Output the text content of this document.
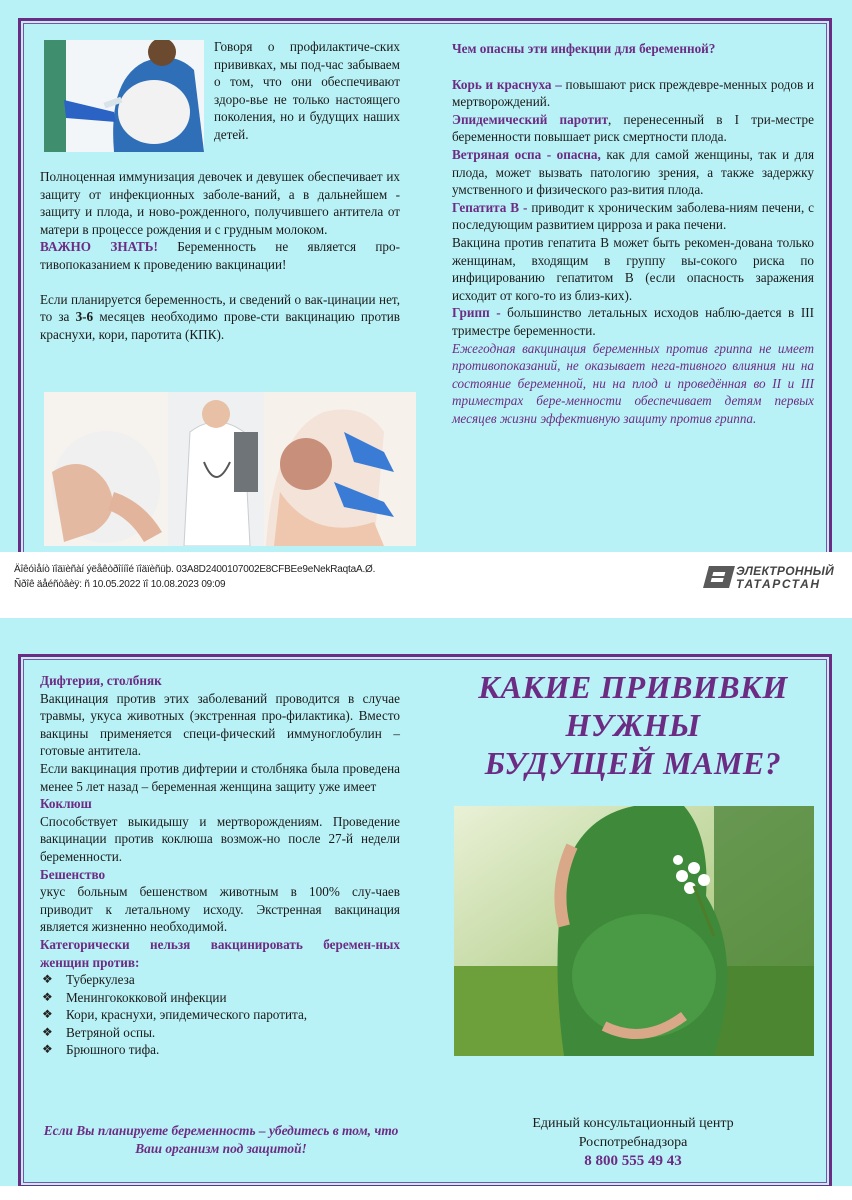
Говоря о профилактиче-ских прививках, мы под-час забываем о том, что они обеспечивают здоро-вье не только настоящего поколения, но и будущих наших детей.

Полноценная иммунизация девочек и девушек обеспечивает их защиту от инфекционных заболе-ваний, а в дальнейшем - защиту и плода, и ново-рожденного, получившего антитела от матери в процессе рождения и с грудным молоком.

ВАЖНО ЗНАТЬ! Беременность не является про-тивопоказанием к проведению вакцинации!

Если планируется беременность, и сведений о вак-цинации нет, то за 3-6 месяцев необходимо прове-сти вакцинацию против краснухи, кори, паротита (КПК).

Чем опасны эти инфекции для беременной?

Корь и краснуха – повышают риск преждевре-менных родов и мертворождений.

Эпидемический паротит, перенесенный в I три-местре беременности повышает риск смертности плода.

Ветряная оспа - опасна, как для самой женщины, так и для плода, может вызвать патологию зрения, а также задержку умственного и физического раз-вития плода.

Гепатита В - приводит к хроническим заболева-ниям печени, с последующим развитием цирроза и рака печени.

Вакцина против гепатита В может быть рекомен-дована только женщинам, входящим в группу вы-сокого риска по инфицированию гепатитом В (если опасность заражения исходит от кого-то из близ-ких).

Грипп - большинство летальных исходов наблю-дается в III триместре беременности.

Ежегодная вакцинация беременных против гриппа не имеет противопоказаний, не оказывает нега-тивного влияния ни на состояние беременной, ни на плод и проведённая во II и III триместрах бере-менности обеспечивает детям первых месяцев жизни эффективную защиту против гриппа.

Äîêóìåíò ïîäïèñàí ýëåêòðîííîé ïîäïèñüþ. 03A8D2400107002E8CFBEe9eNekRaqtaA.Ø.
Ñðîê äåéñòâèÿ: ñ 10.05.2022 ïî 10.08.2023 09:09
ЭЛЕКТРОННЫЙ
ТАТАРСТАН

Дифтерия, столбняк

Вакцинация против этих заболеваний проводится в случае травмы, укуса животных (экстренная про-филактика). Вместо вакцины применяется специ-фический иммуноглобулин – готовые антитела.

Если вакцинация против дифтерии и столбняка была проведена менее 5 лет назад – беременная женщина защиту уже имеет

Коклюш

Способствует выкидышу и мертворождениям. Проведение вакцинации против коклюша возмож-но после 27-й недели беременности.

Бешенство

укус больным бешенством животным в 100% слу-чаев приводит к летальному исходу. Экстренная вакцинация является жизненно необходимой.

Категорически нельзя вакцинировать беремен-ных женщин против:

❖ Туберкулеза
❖ Менингококковой инфекции
❖ Кори, краснухи, эпидемического паротита,
❖ Ветряной оспы.
❖ Брюшного тифа.
Если Вы планируете беременность – убедитесь в том, что Ваш организм под защитой!
КАКИЕ ПРИВИВКИ
НУЖНЫ
БУДУЩЕЙ МАМЕ?
Единый консультационный центр
Роспотребнадзора
8 800 555 49 43
